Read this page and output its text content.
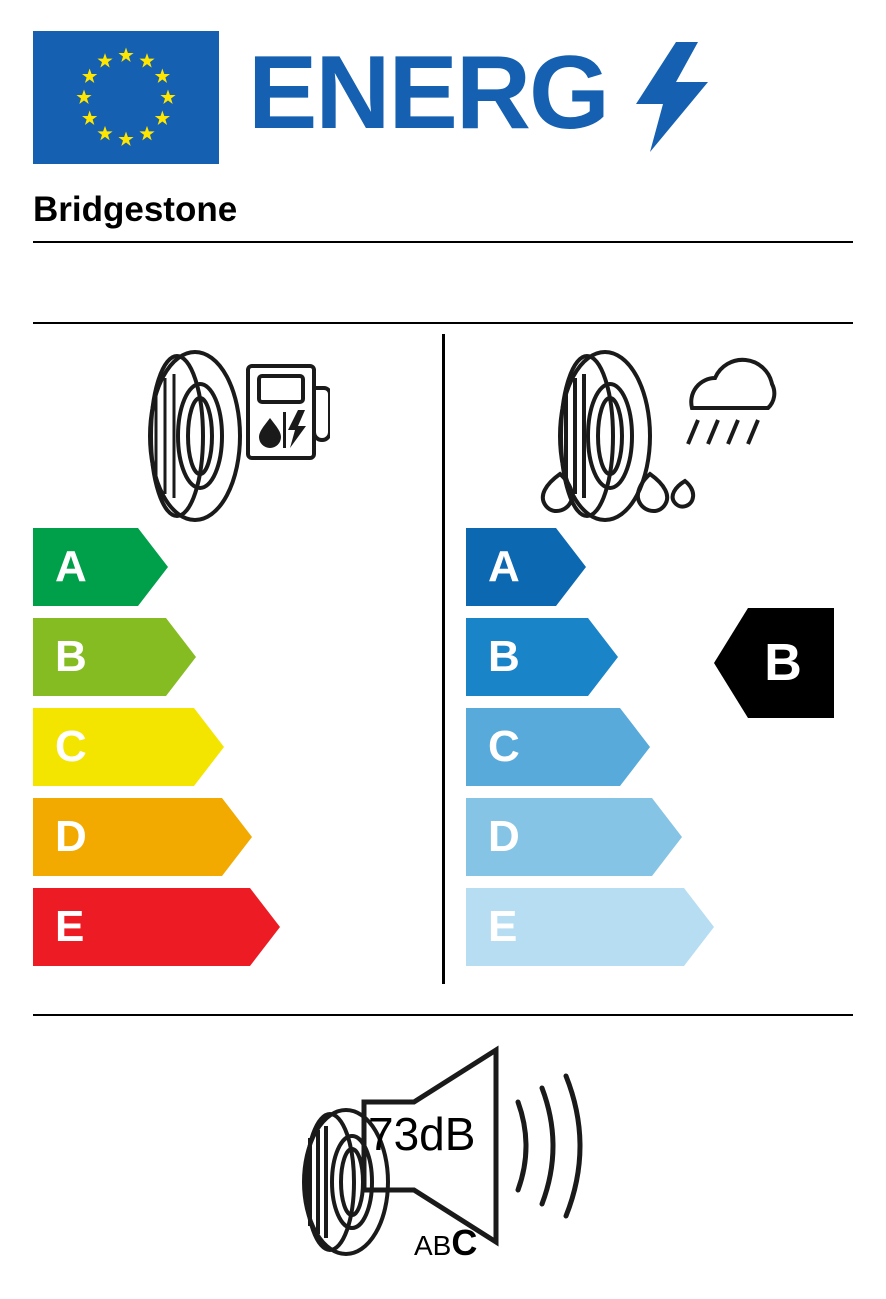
ENERG
Bridgestone
A
B
C
D
E
A
B
C
D
E
B
73dB
ABC
